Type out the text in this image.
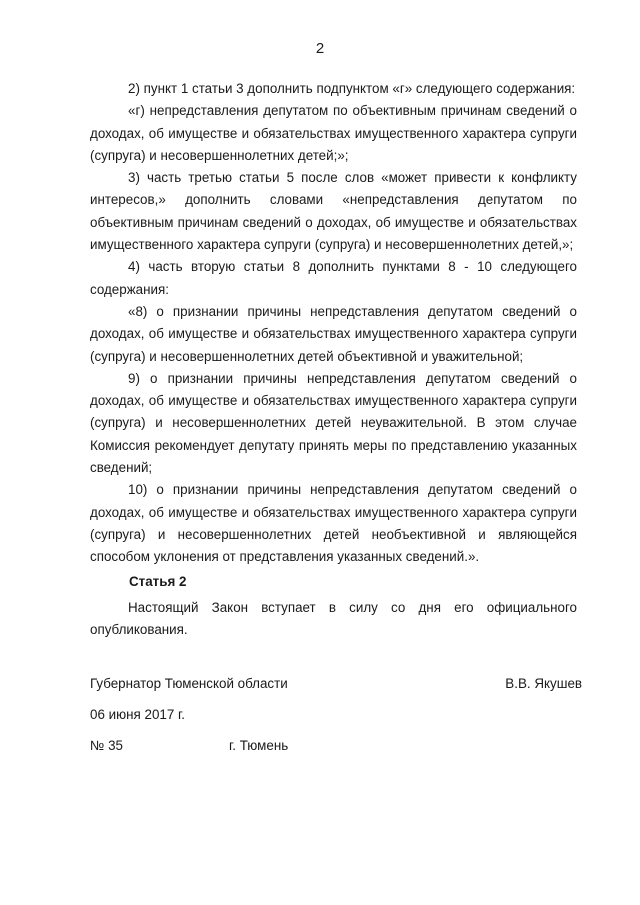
2

2) пункт 1 статьи 3 дополнить подпунктом «г» следующего содержания:

«г) непредставления депутатом по объективным причинам сведений о доходах, об имуществе и обязательствах имущественного характера супруги (супруга) и несовершеннолетних детей;»;

3) часть третью статьи 5 после слов «может привести к конфликту интересов,» дополнить словами «непредставления депутатом по объективным причинам сведений о доходах, об имуществе и обязательствах имущественного характера супруги (супруга) и несовершеннолетних детей,»;

4) часть вторую статьи 8 дополнить пунктами 8 - 10 следующего содержания:

«8) о признании причины непредставления депутатом сведений о доходах, об имуществе и обязательствах имущественного характера супруги (супруга) и несовершеннолетних детей объективной и уважительной;

9) о признании причины непредставления депутатом сведений о доходах, об имуществе и обязательствах имущественного характера супруги (супруга) и несовершеннолетних детей неуважительной. В этом случае Комиссия рекомендует депутату принять меры по представлению указанных сведений;

10) о признании причины непредставления депутатом сведений о доходах, об имуществе и обязательствах имущественного характера супруги (супруга) и несовершеннолетних детей необъективной и являющейся способом уклонения от представления указанных сведений.».

Статья 2

Настоящий Закон вступает в силу со дня его официального опубликования.

Губернатор Тюменской области	В.В. Якушев
06 июня 2017 г.
№ 35	г. Тюмень
